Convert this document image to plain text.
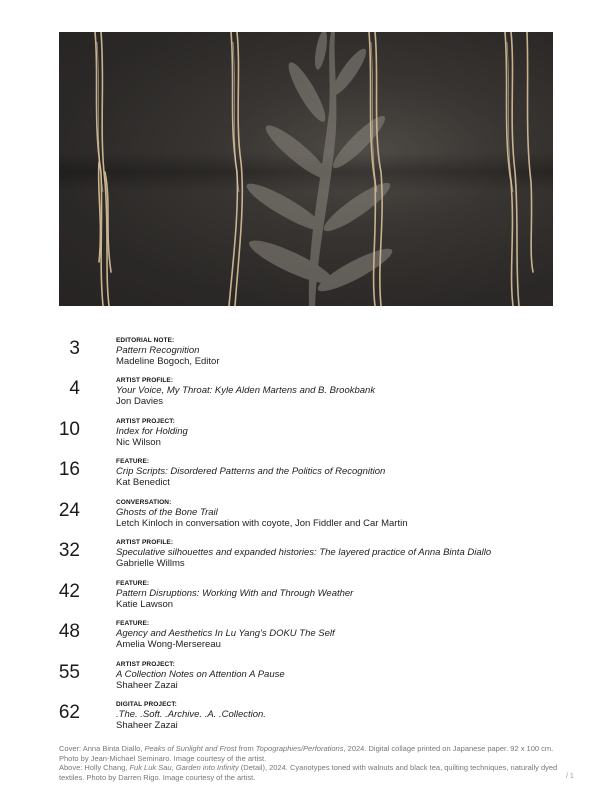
3	EDITORIAL NOTE:
Pattern Recognition
Madeline Bogoch, Editor
4	ARTIST PROFILE:
Your Voice, My Throat: Kyle Alden Martens and B. Brookbank
Jon Davies
10	ARTIST PROJECT:
Index for Holding
Nic Wilson
16	FEATURE:
Crip Scripts: Disordered Patterns and the Politics of Recognition
Kat Benedict
24	CONVERSATION:
Ghosts of the Bone Trail
Letch Kinloch in conversation with coyote, Jon Fiddler and Car Martin
32	ARTIST PROFILE:
Speculative silhouettes and expanded histories: The layered practice of Anna Binta Diallo
Gabrielle Willms
42	FEATURE:
Pattern Disruptions: Working With and Through Weather
Katie Lawson
48	FEATURE:
Agency and Aesthetics In Lu Yang's DOKU The Self
Amelia Wong-Mersereau
55	ARTIST PROJECT:
A Collection Notes on Attention A Pause
Shaheer Zazai
62	DIGITAL PROJECT:
.The. .Soft. .Archive. .A. .Collection.
Shaheer Zazai

Cover: Anna Binta Diallo, Peaks of Sunlight and Frost from Topographies/Perforations, 2024. Digital collage printed on Japanese paper. 92 x 100 cm. Photo by Jean-Michael Seminaro. Image courtesy of the artist.

Above: Holly Chang, Fuk Luk Sau, Garden into Infinity (Detail), 2024. Cyanotypes toned with walnuts and black tea, quilting techniques, naturally dyed textiles. Photo by Darren Rigo. Image courtesy of the artist.	/ 1
